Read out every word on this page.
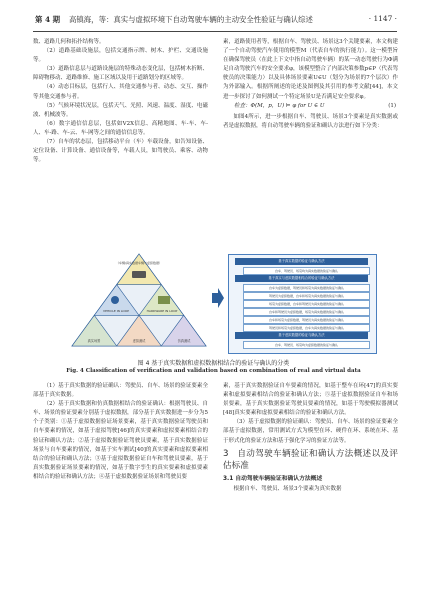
第 4 期 高镇海，等：真实与虚拟环境下自动驾驶车辆的主动安全性验证与确认综述	· 1147 ·

数、道路几何和拓扑结构等。

（2）道路基础设施层，包括交通指示牌、树木、护栏、交通设施等。

（3）道路信息层与道路设施层的特殊动态变化层，包括树木折断、障碍物移动、道路维修、施工区域以及用于道路划分的区域等。

（4）动态目标层，包括行人、其他交通参与者、动态、交互、操作等其他交通参与者。

（5）气候环境状况层，包括天气、光照、风速、温度、湿度、电磁波、机械波等。

（6）数字通信信息层，包括如V2X信息、高精地图、车-车、车-人、车-路、车-云、车-网等之间的通信信息等。

（7）自车的状态层，包括移动平台（车）车载设备，如告知设备、定位设备、计算设备、通信设备等，车载人员，如驾驶员、乘客、动物等。

素，道路使用者等，根据自车、驾驶员、场景这3个关键要素，本文构建了一个自动驾驶汽车使用的模型M（代表自车的执行能力）。这一模型旨在确保驾驶员（在此上下文中指自动驾驶车辆）的某一动态驾驶行为Φ满足自动驾驶汽车的安全要求φ，该模型整合了内部决策参数p∈P（代表驾驶员的决策能力）以及具体场景要素U∈U（划分为场景的7个层次）作为外部输入。根据所阐述的论述及图例及其引用的参考文献[44]，本文进一步探讨了如何测试一个特定场景U是否满足安全要求φ。

检查：Φ(M，p，U) ⊨ φ for U ∈ U	(1)

如图4所示，进一步根据自车、驾驶员、场景3个要素是真实数据或者是虚拟数据，将自动驾驶车辆的验证和确认方法进行如下分类：

（车辆/真实数据车辆与虚拟数据）
VEHICLE IN LOOP	HARDWARE IN LOOP
真实场景	虚拟测试	仿真测试
基于真实数据的验证与确认方法
自车、驾驶员、场景均为真实数据的验证与确认
基于真实与虚拟数据相结合的验证与确认方法
自车为虚拟数据，驾驶员和场景为真实数据的验证与确认
驾驶员为虚拟数据，自车和场景为真实数据的验证与确认
场景为虚拟数据，自车和驾驶员为真实数据的验证与确认
自车和驾驶员为虚拟数据，场景为真实数据的验证与确认
自车和场景为虚拟数据，驾驶员为真实数据的验证与确认
驾驶员和场景为虚拟数据，自车为真实数据的验证与确认
基于虚拟数据的验证与确认方法
自车、驾驶员、场景均为虚拟数据的验证与确认
图 4 基于真实数据和虚拟数据相结合的验证与确认的分类
Fig. 4 Classification of verification and validation based on combination of real and virtual data

（1）基于真实数据的验证确认：驾驶员、自车、场景的验证要素全部基于真实数据。

（2）基于真实数据和仿真数据相结合的验证确认：根据驾驶员、自车、场景的验证要素分别基于虚拟数据，部分基于真实数据进一步分为5个子类别：①基于虚拟数据验证场景要素，基于真实数据验证驾驶员和自车要素的情况，如基于虚拟驾驶[46]的真实要素和虚拟要素相结合的验证和确认方法；②基于虚拟数据验证驾驶员要素，基于真实数据验证场景与自车要素的情况，如基于实车测试[40]的真实要素和虚拟要素相结合的验证和确认方法；③基于虚拟数据验证自车和驾驶员要素，基于真实数据验证场景要素的情况，如基于数字孪生的真实要素和虚拟要素相结合的验证和确认方法；④基于虚拟数据验证场景和驾驶员要

素，基于真实数据验证自车要素的情况，如基于整车在环[47]的真实要素和虚拟要素相结合的验证和确认方法；⑤基于虚拟数据验证自车和场景要素，基于真实数据验证驾驶员要素的情况，如基于驾驶模拟器测试[48]真实要素和虚拟要素相结合的验证和确认方法。

（3）基于虚拟数据的验证确认：驾驶员、自车、场景的验证要素全部基于虚拟数据，常用测试方式为模型在环、硬件在环、系统在环、基于形式化的验证方法和基于强化学习的验证方法等。

3 自动驾驶车辆验证和确认方法概述以及评估标准
3.1 自动驾驶车辆验证和确认方法概述

根据自车、驾驶员、场景3个要素为真实数据
